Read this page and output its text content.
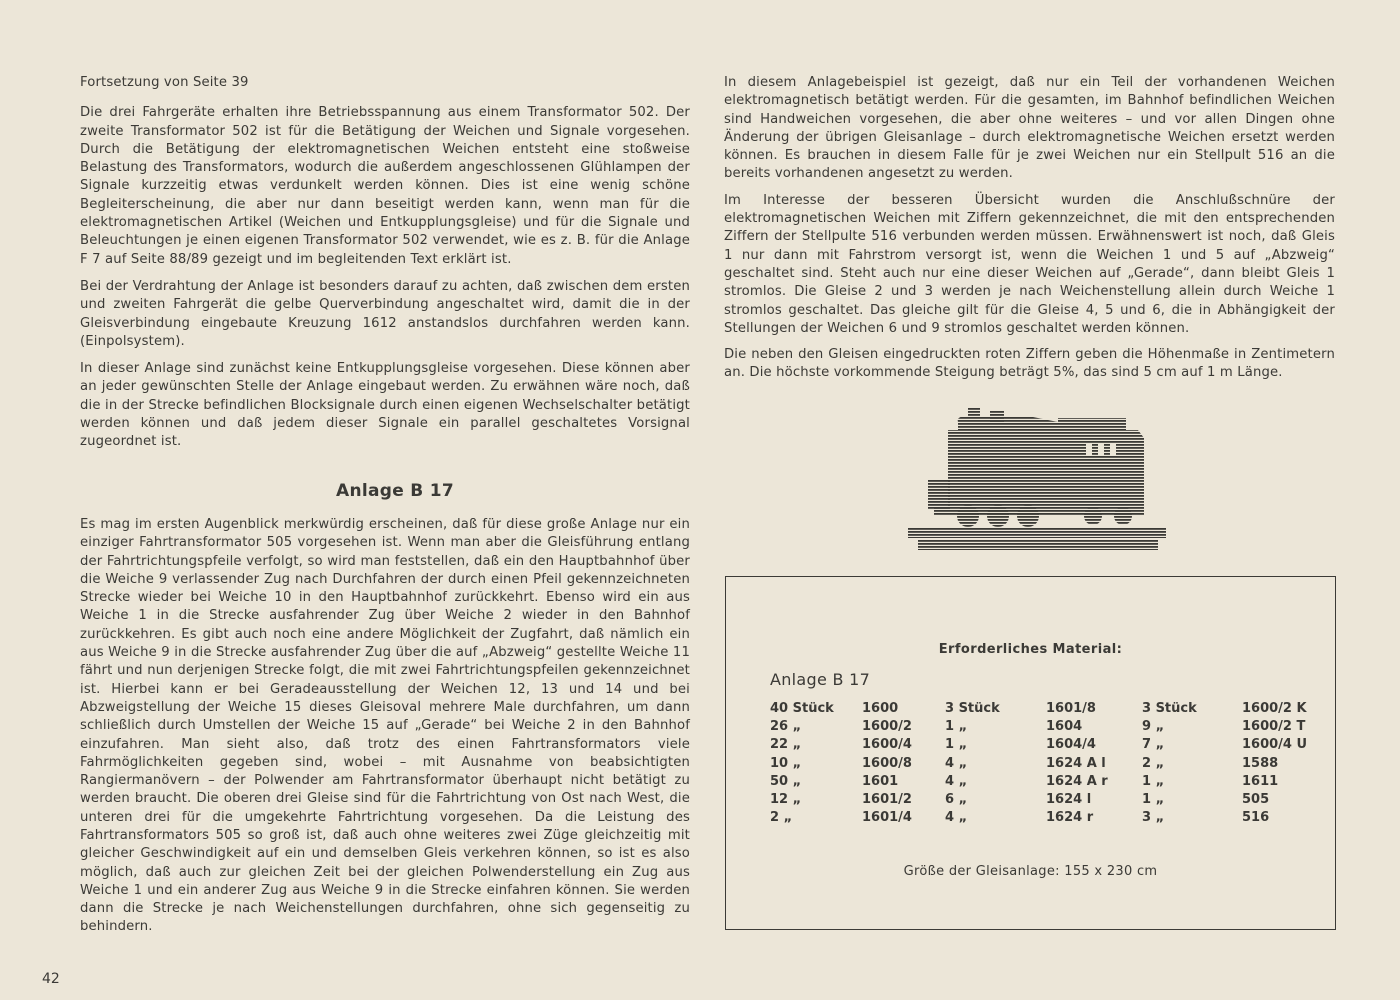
Fortsetzung von Seite 39

Die drei Fahrgeräte erhalten ihre Betriebsspannung aus einem Transformator 502. Der zweite Transformator 502 ist für die Betätigung der Weichen und Signale vorgesehen. Durch die Betätigung der elektromagnetischen Weichen entsteht eine stoßweise Belastung des Transformators, wodurch die außerdem angeschlossenen Glühlampen der Signale kurzzeitig etwas verdunkelt werden können. Dies ist eine wenig schöne Begleiterscheinung, die aber nur dann beseitigt werden kann, wenn man für die elektromagnetischen Artikel (Weichen und Entkupplungsgleise) und für die Signale und Beleuchtungen je einen eigenen Transformator 502 verwendet, wie es z. B. für die Anlage F 7 auf Seite 88/89 gezeigt und im begleitenden Text erklärt ist.

Bei der Verdrahtung der Anlage ist besonders darauf zu achten, daß zwischen dem ersten und zweiten Fahrgerät die gelbe Querverbindung angeschaltet wird, damit die in der Gleisverbindung eingebaute Kreuzung 1612 anstandslos durchfahren werden kann. (Einpolsystem).

In dieser Anlage sind zunächst keine Entkupplungsgleise vorgesehen. Diese können aber an jeder gewünschten Stelle der Anlage eingebaut werden. Zu erwähnen wäre noch, daß die in der Strecke befindlichen Blocksignale durch einen eigenen Wechselschalter betätigt werden können und daß jedem dieser Signale ein parallel geschaltetes Vorsignal zugeordnet ist.

Anlage B 17

Es mag im ersten Augenblick merkwürdig erscheinen, daß für diese große Anlage nur ein einziger Fahrtransformator 505 vorgesehen ist. Wenn man aber die Gleisführung entlang der Fahrtrichtungspfeile verfolgt, so wird man feststellen, daß ein den Hauptbahnhof über die Weiche 9 verlassender Zug nach Durchfahren der durch einen Pfeil gekennzeichneten Strecke wieder bei Weiche 10 in den Hauptbahnhof zurückkehrt. Ebenso wird ein aus Weiche 1 in die Strecke ausfahrender Zug über Weiche 2 wieder in den Bahnhof zurückkehren. Es gibt auch noch eine andere Möglichkeit der Zugfahrt, daß nämlich ein aus Weiche 9 in die Strecke ausfahrender Zug über die auf „Abzweig“ gestellte Weiche 11 fährt und nun derjenigen Strecke folgt, die mit zwei Fahrtrichtungspfeilen gekennzeichnet ist. Hierbei kann er bei Geradeausstellung der Weichen 12, 13 und 14 und bei Abzweigstellung der Weiche 15 dieses Gleisoval mehrere Male durchfahren, um dann schließlich durch Umstellen der Weiche 15 auf „Gerade“ bei Weiche 2 in den Bahnhof einzufahren. Man sieht also, daß trotz des einen Fahrtransformators viele Fahrmöglichkeiten gegeben sind, wobei – mit Ausnahme von beabsichtigten Rangiermanövern – der Polwender am Fahrtransformator überhaupt nicht betätigt zu werden braucht. Die oberen drei Gleise sind für die Fahrtrichtung von Ost nach West, die unteren drei für die umgekehrte Fahrtrichtung vorgesehen. Da die Leistung des Fahrtransformators 505 so groß ist, daß auch ohne weiteres zwei Züge gleichzeitig mit gleicher Geschwindigkeit auf ein und demselben Gleis verkehren können, so ist es also möglich, daß auch zur gleichen Zeit bei der gleichen Polwenderstellung ein Zug aus Weiche 1 und ein anderer Zug aus Weiche 9 in die Strecke einfahren können. Sie werden dann die Strecke je nach Weichenstellungen durchfahren, ohne sich gegenseitig zu behindern.

In diesem Anlagebeispiel ist gezeigt, daß nur ein Teil der vorhandenen Weichen elektromagnetisch betätigt werden. Für die gesamten, im Bahnhof befindlichen Weichen sind Handweichen vorgesehen, die aber ohne weiteres – und vor allen Dingen ohne Änderung der übrigen Gleisanlage – durch elektromagnetische Weichen ersetzt werden können. Es brauchen in diesem Falle für je zwei Weichen nur ein Stellpult 516 an die bereits vorhandenen angesetzt zu werden.

Im Interesse der besseren Übersicht wurden die Anschlußschnüre der elektromagnetischen Weichen mit Ziffern gekennzeichnet, die mit den entsprechenden Ziffern der Stellpulte 516 verbunden werden müssen. Erwähnenswert ist noch, daß Gleis 1 nur dann mit Fahrstrom versorgt ist, wenn die Weichen 1 und 5 auf „Abzweig“ geschaltet sind. Steht auch nur eine dieser Weichen auf „Gerade“, dann bleibt Gleis 1 stromlos. Die Gleise 2 und 3 werden je nach Weichenstellung allein durch Weiche 1 stromlos geschaltet. Das gleiche gilt für die Gleise 4, 5 und 6, die in Abhängigkeit der Stellungen der Weichen 6 und 9 stromlos geschaltet werden können.

Die neben den Gleisen eingedruckten roten Ziffern geben die Höhenmaße in Zentimetern an. Die höchste vorkommende Steigung beträgt 5%, das sind 5 cm auf 1 m Länge.

Erforderliches Material:
Anlage B 17
40 Stück	1600	3 Stück	1601/8	3 Stück	1600/2 K
26 „	1600/2	1 „	1604	9 „	1600/2 T
22 „	1600/4	1 „	1604/4	7 „	1600/4 U
10 „	1600/8	4 „	1624 A l	2 „	1588
50 „	1601	4 „	1624 A r	1 „	1611
12 „	1601/2	6 „	1624 l	1 „	505
2 „	1601/4	4 „	1624 r	3 „	516
Größe der Gleisanlage: 155 x 230 cm
42
